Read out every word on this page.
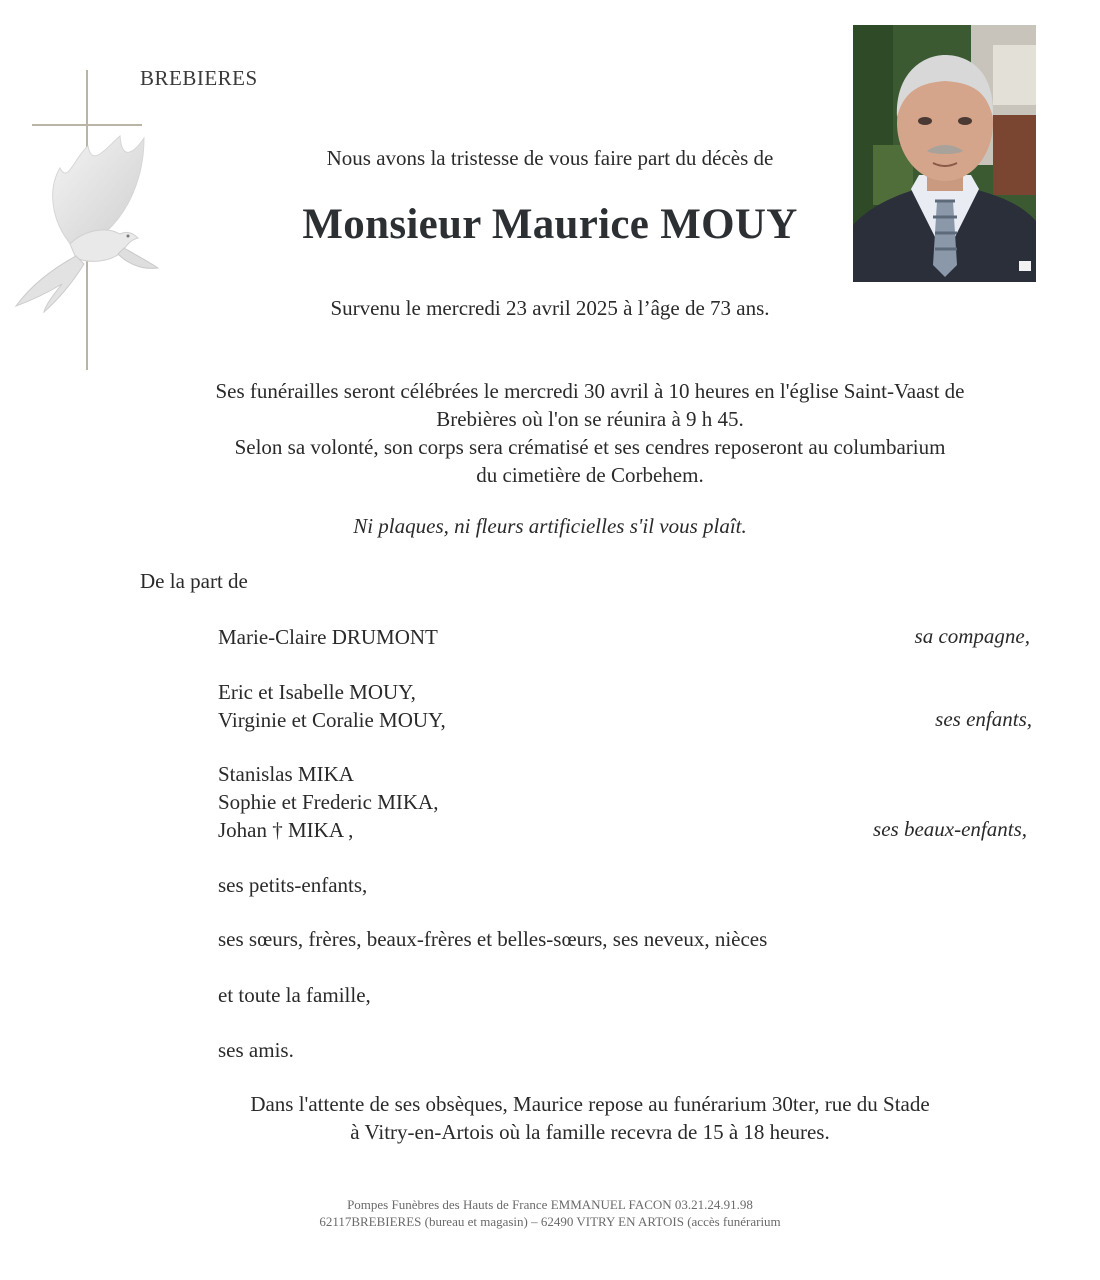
BREBIERES
Nous avons la tristesse de vous faire part du décès de
Monsieur Maurice MOUY
Survenu le mercredi 23 avril 2025 à l’âge de 73 ans.

Ses funérailles seront célébrées le mercredi 30 avril à 10 heures en l'église Saint-Vaast de

Brebières où l'on se réunira à 9 h 45.

Selon sa volonté, son corps sera crématisé et ses cendres reposeront au columbarium

du cimetière de Corbehem.

Ni plaques, ni fleurs artificielles s'il vous plaît.
De la part de

Marie-Claire DRUMONT	sa compagne,

Eric et Isabelle MOUY,

Virginie et Coralie MOUY,	ses enfants,

Stanislas MIKA

Sophie et Frederic MIKA,

Johan † MIKA ,	ses beaux-enfants,
ses petits-enfants,
ses sœurs, frères, beaux-frères et belles-sœurs, ses neveux, nièces
et toute la famille,
ses amis.

Dans l'attente de ses obsèques, Maurice repose au funérarium 30ter, rue du Stade

à Vitry-en-Artois où la famille recevra de 15 à 18 heures.

Pompes Funèbres des Hauts de France EMMANUEL FACON 03.21.24.91.98

62117BREBIERES (bureau et magasin) – 62490 VITRY EN ARTOIS (accès funérarium
